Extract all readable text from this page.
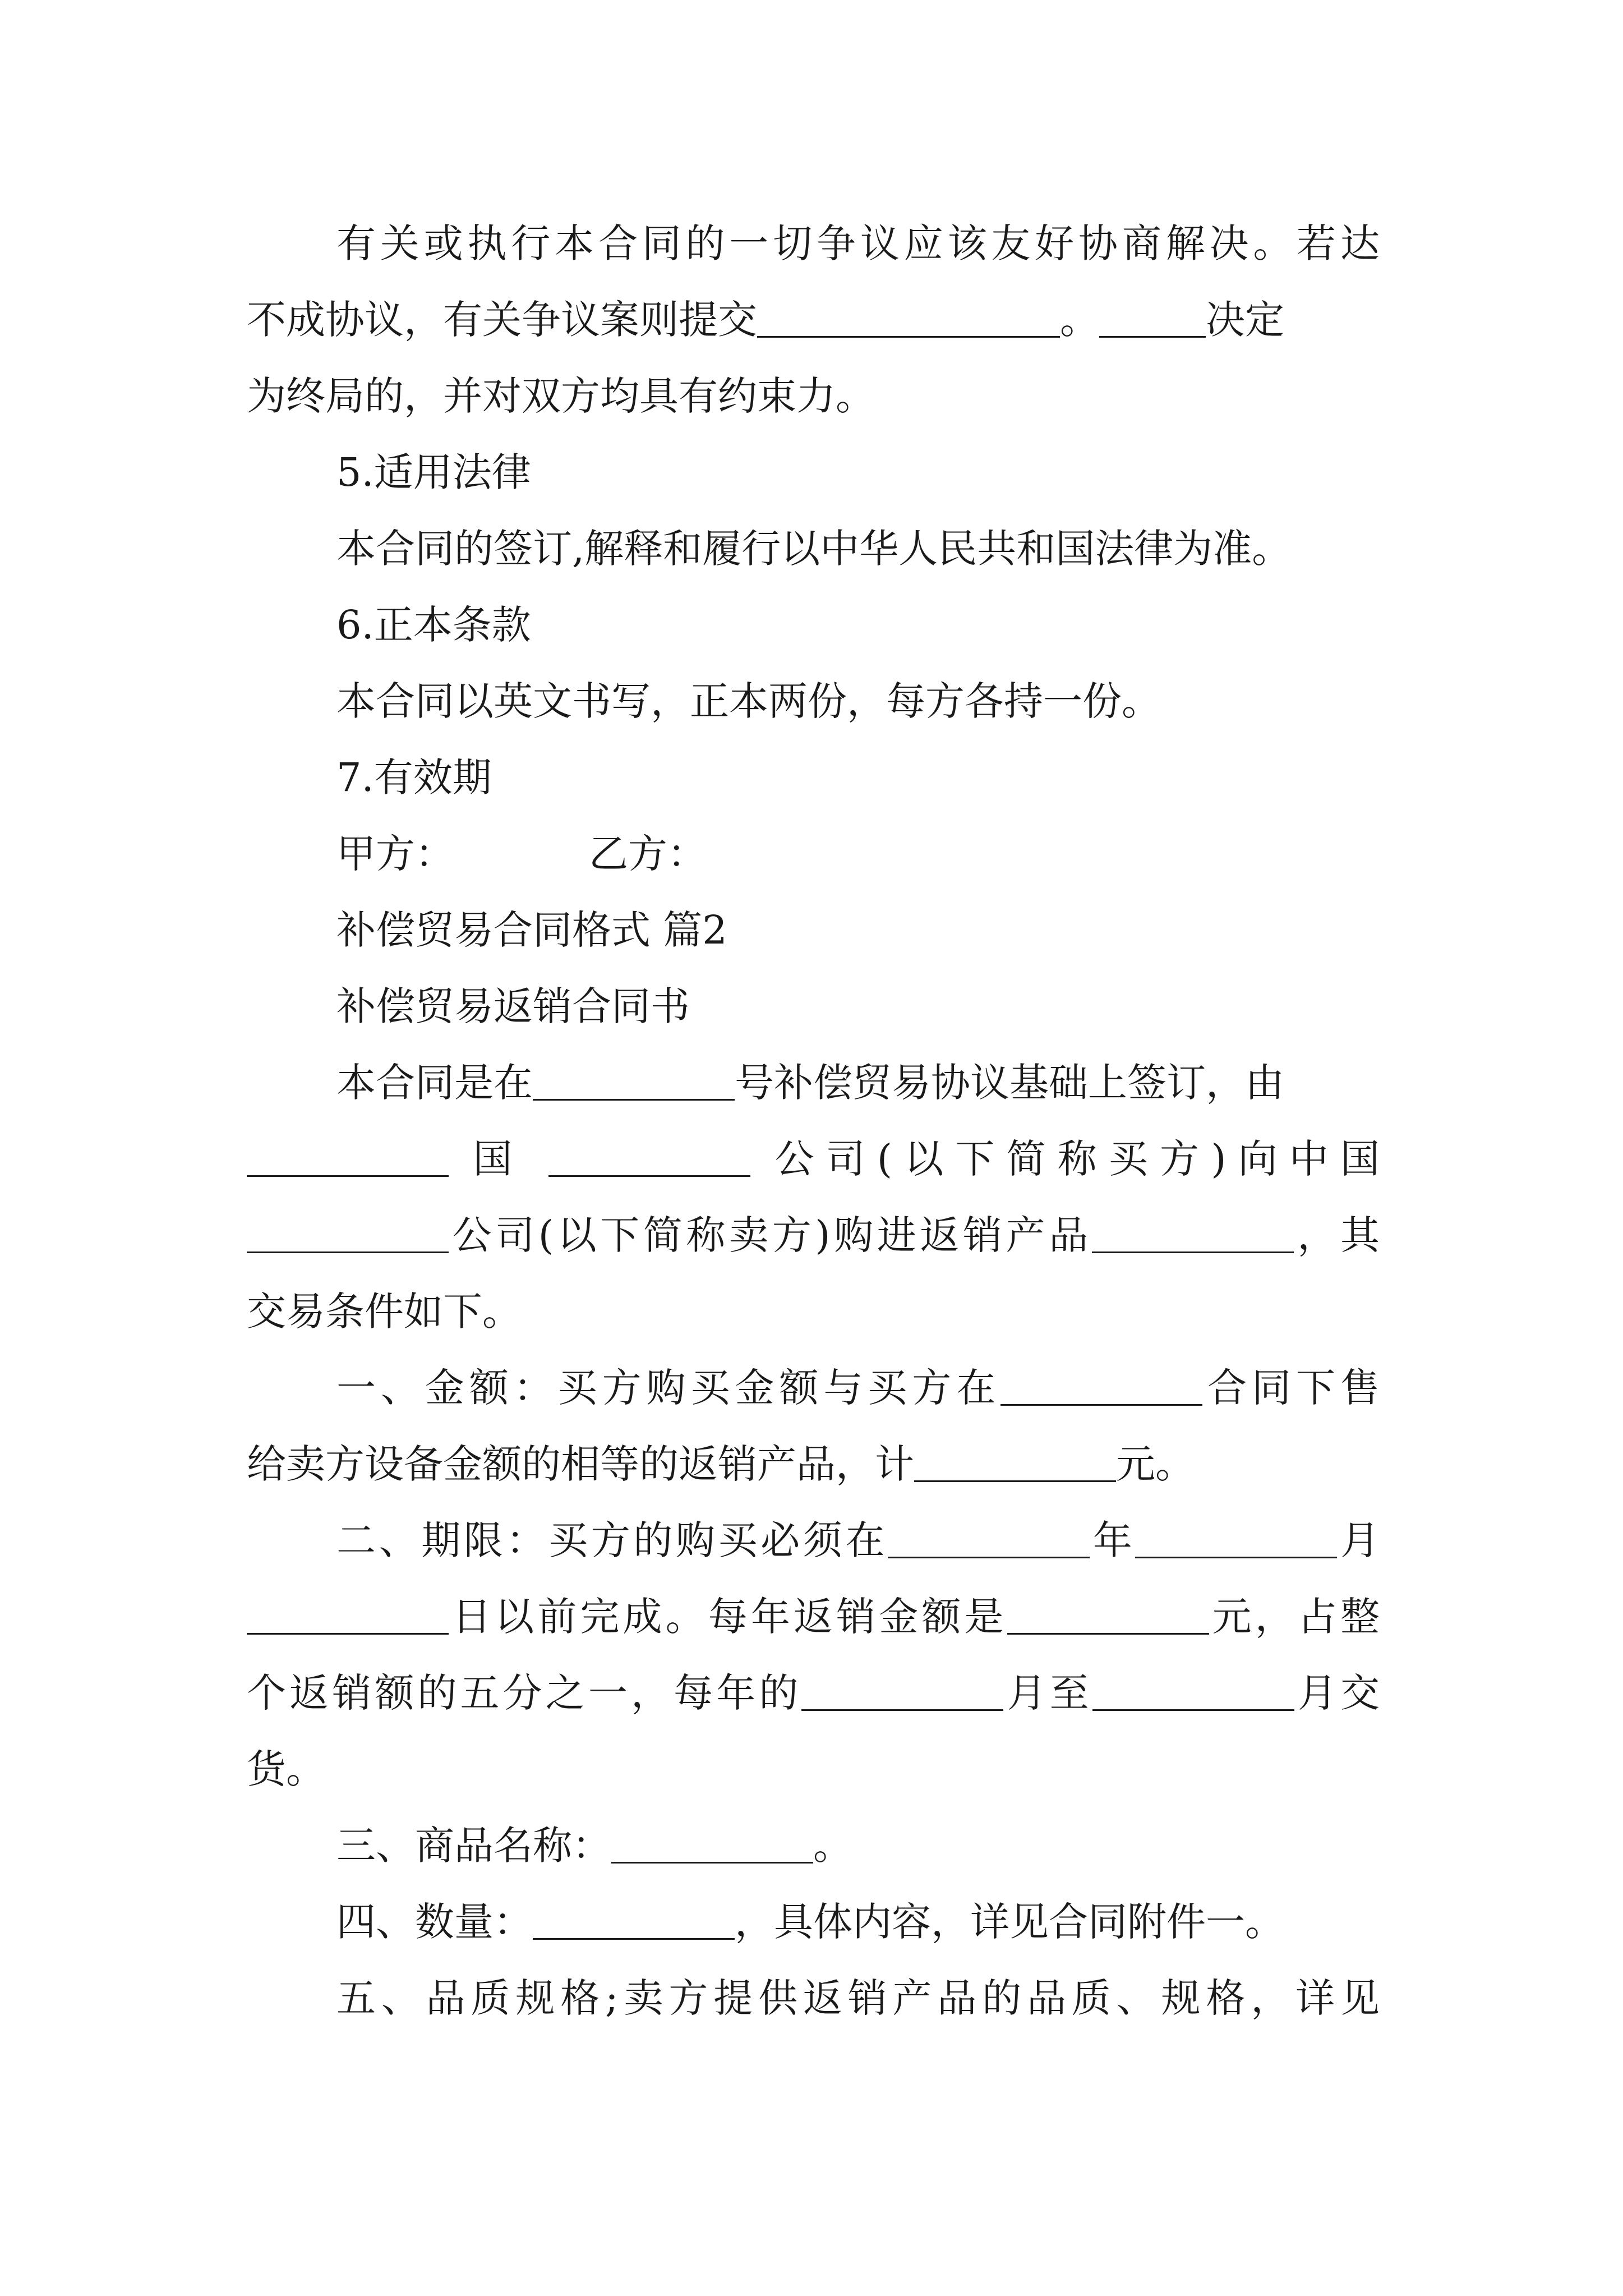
有关或执行本合同的一切争议应该友好协商解决。若达
不成协议，有关争议案则提交	。	决定
为终局的，并对双方均具有约束力。
5.适用法律
本合同的签订,解释和履行以中华人民共和国法律为准。
6.正本条款
本合同以英文书写，正本两份，每方各持一份。
7.有效期
甲方：	乙方：
补偿贸易合同格式 篇2
补偿贸易返销合同书
本合同是在	号补偿贸易协议基础上签订，由
国	公司(以下简称买方)向中国
公司(以下简称卖方)购进返销产品	，其
交易条件如下。
一、金额：买方购买金额与买方在	合同下售
给卖方设备金额的相等的返销产品，计	元。
二、期限：买方的购买必须在	年	月
日以前完成。每年返销金额是	元，占整
个返销额的五分之一，每年的	月至	月交
货。
三、商品名称：	。
四、数量：	，具体内容，详见合同附件一。
五、品质规格;卖方提供返销产品的品质、规格，详见
